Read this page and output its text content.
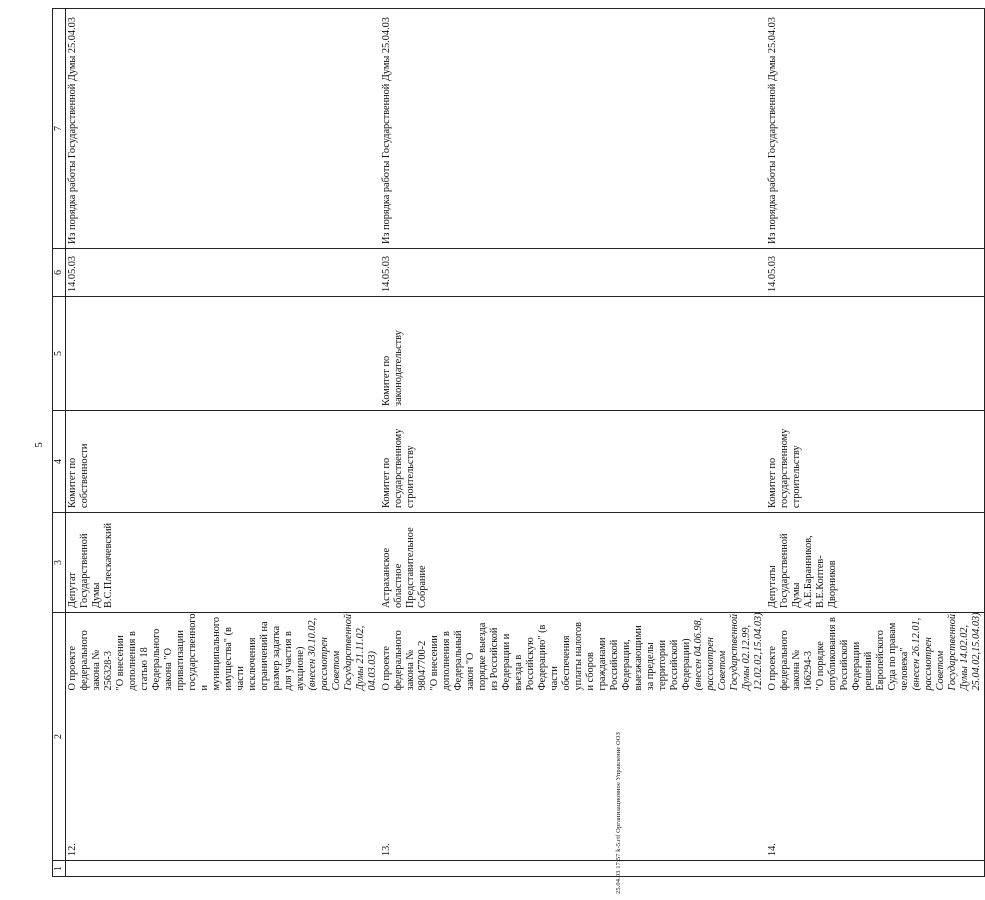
5
1	2		3	4	5	6	7
	12.	О проекте федерального закона № 256328-3 "О внесении дополнения в статью 18 Федерального закона "О приватизации государственного и муниципального имущества" (в части исключения ограничений на размер задатка для участия в аукционе) (внесен 30.10.02, рассмотрен Советом Государственной Думы 21.11.02, 04.03.03)	Депутат Государственной Думы В.С.Плескачевский	Комитет по собственности		14.05.03	Из порядка работы Государственной Думы 25.04.03
	13.	О проекте федерального закона № 98047700-2 "О внесении дополнения в Федеральный закон "О порядке выезда из Российской Федерации и въезда в Российскую Федерацию" (в части обеспечения уплаты налогов и сборов гражданами Российской Федерации, выезжающими за пределы территории Российской Федерации) (внесен 04.06.98, рассмотрен Советом Государственной Думы 02.12.99, 12.02.02,15.04.03)	Астраханское областное Представительное Собрание	Комитет по государственному строительству	Комитет по законодательству	14.05.03	Из порядка работы Государственной Думы 25.04.03
	14.	О проекте федерального закона № 166294-3 "О порядке опубликования в Российской Федерации решений Европейского Суда по правам человека" (внесен 26.12.01, рассмотрен Советом Государственной Думы 14.02.02, 25.04.02,15.04.03)	Депутаты Государственной Думы А.Е.Баранников, В.Е.Коптев-Дворников	Комитет по государственному строительству		14.05.03	Из порядка работы Государственной Думы 25.04.03
25.04.03 17:57 k-5.rtf Организационное Управление ООЗ
